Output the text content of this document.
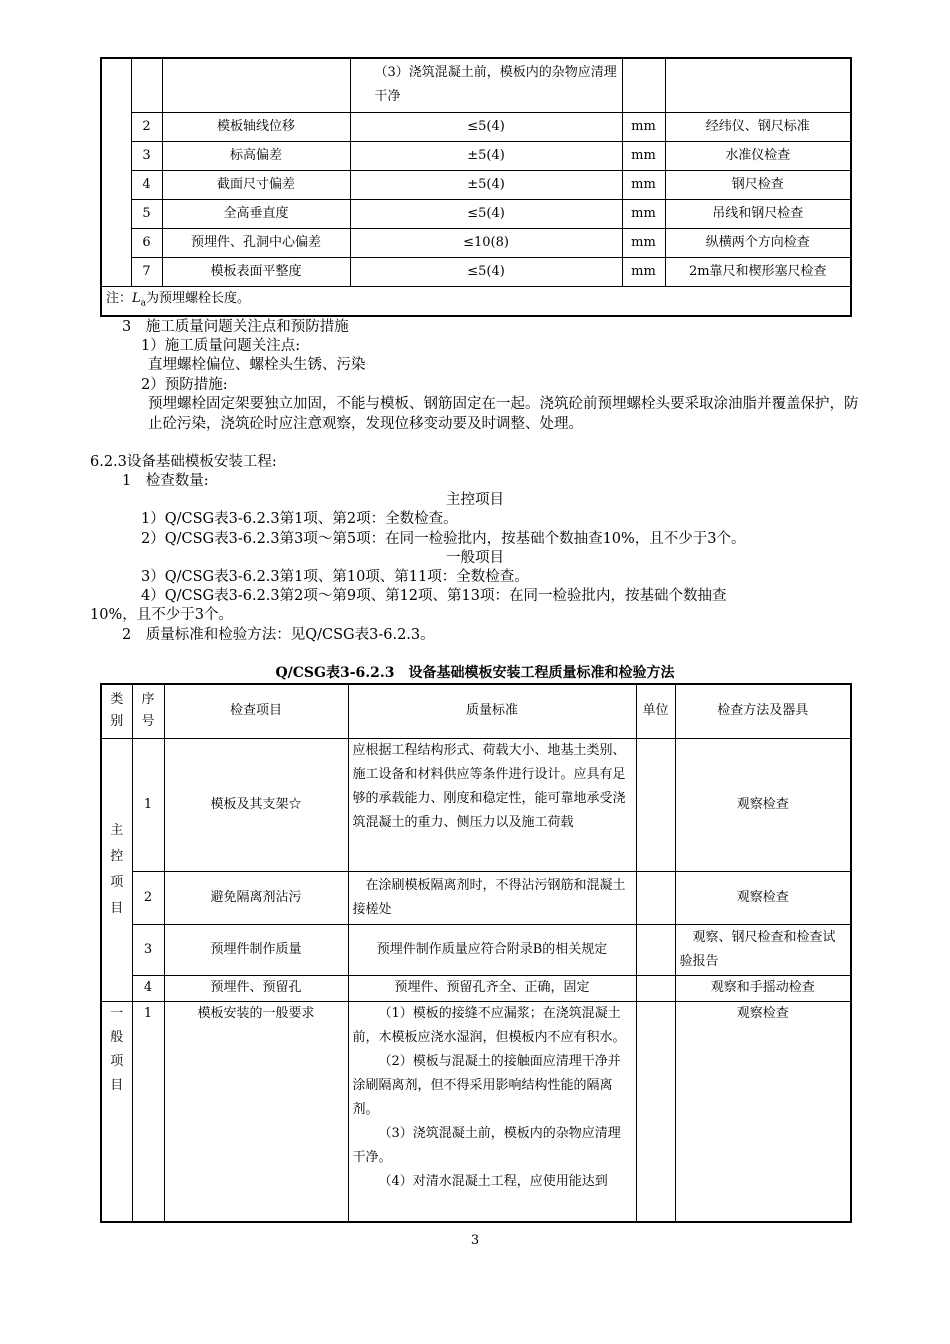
			（3）浇筑混凝土前，模板内的杂物应清理干净		
	2	模板轴线位移	≤5(4)	mm	经纬仪、钢尺标准
	3	标高偏差	±5(4)	mm	水准仪检查
	4	截面尺寸偏差	±5(4)	mm	钢尺检查
	5	全高垂直度	≤5(4)	mm	吊线和钢尺检查
	6	预埋件、孔洞中心偏差	≤10(8)	mm	纵横两个方向检查
	7	模板表面平整度	≤5(4)	mm	2m靠尺和楔形塞尺检查
注：$L_a$为预埋螺栓长度。					
3　施工质量问题关注点和预防措施
1）施工质量问题关注点:
直埋螺栓偏位、螺栓头生锈、污染
2）预防措施:
预埋螺栓固定架要独立加固，不能与模板、钢筋固定在一起。浇筑砼前预埋螺栓头要采取涂油脂并覆盖保护，防止砼污染，浇筑砼时应注意观察，发现位移变动要及时调整、处理。
6.2.3设备基础模板安装工程:
1　检查数量:
主控项目
1）Q/CSG表3-6.2.3第1项、第2项：全数检查。
2）Q/CSG表3-6.2.3第3项～第5项：在同一检验批内，按基础个数抽查10%，且不少于3个。
一般项目
3）Q/CSG表3-6.2.3第1项、第10项、第11项：全数检查。
4）Q/CSG表3-6.2.3第2项～第9项、第12项、第13项：在同一检验批内，按基础个数抽查
10%，且不少于3个。
2　质量标准和检验方法：见Q/CSG表3-6.2.3。
Q/CSG表3-6.2.3　设备基础模板安装工程质量标准和检验方法
类别	序号	检查项目	质量标准	单位	检查方法及器具
主控项目	1	模板及其支架☆	应根据工程结构形式、荷载大小、地基土类别、施工设备和材料供应等条件进行设计。应具有足够的承载能力、刚度和稳定性，能可靠地承受浇筑混凝土的重力、侧压力以及施工荷载		观察检查
	2	避免隔离剂沾污	在涂刷模板隔离剂时，不得沾污钢筋和混凝土接槎处		观察检查
	3	预埋件制作质量	预埋件制作质量应符合附录B的相关规定		观察、钢尺检查和检查试验报告
	4	预埋件、预留孔	预埋件、预留孔齐全、正确，固定		观察和手摇动检查
一般项目	1	模板安装的一般要求	（1）模板的接缝不应漏浆；在浇筑混凝土前，木模板应浇水湿润，但模板内不应有积水。

（2）模板与混凝土的接触面应清理干净并涂刷隔离剂，但不得采用影响结构性能的隔离剂。

（3）浇筑混凝土前，模板内的杂物应清理干净。

（4）对清水混凝土工程，应使用能达到		观察检查
3
